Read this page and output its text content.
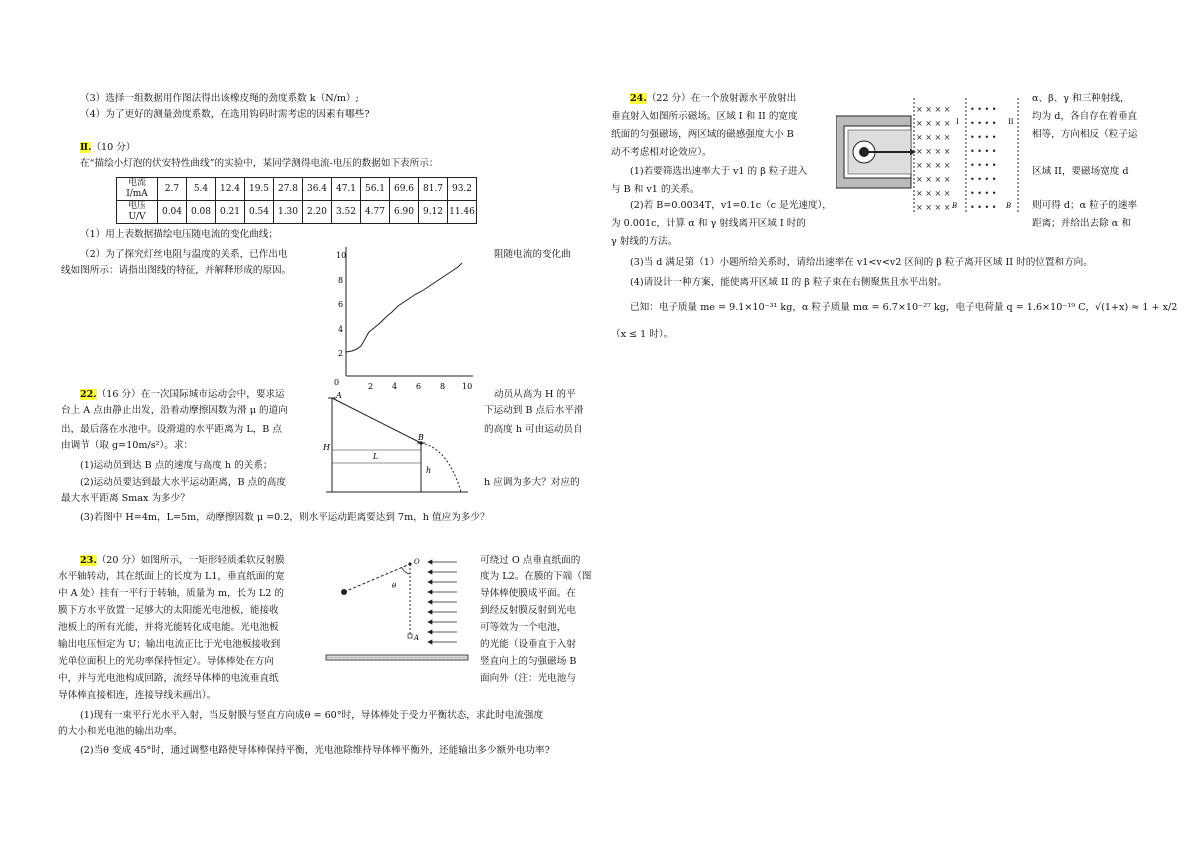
（3）选择一组数据用作图法得出该橡皮绳的劲度系数 k（N/m）;
（4）为了更好的测量劲度系数，在选用钩码时需考虑的因素有哪些?
Ⅱ.（10 分）
在“描绘小灯泡的伏安特性曲线”的实验中，某同学测得电流-电压的数据如下表所示：
电流
I/mA	2.7	5.4	12.4	19.5	27.8	36.4	47.1	56.1	69.6	81.7	93.2
电压
U/V	0.04	0.08	0.21	0.54	1.30	2.20	3.52	4.77	6.90	9.12	11.46
（1）用上表数据描绘电压随电流的变化曲线；
（2）为了探究灯丝电阻与温度的关系，已作出电
线如图所示：请指出图线的特征，并解释形成的原因。
阻随电流的变化曲
10
8
6
4
2
0	2 4 6 8 10
22.（16 分）在一次国际城市运动会中，要求运	动员从高为 H 的平
台上 A 点由静止出发，沿着动摩擦因数为滑 μ 的道向	下运动到 B 点后水平滑
出，最后落在水池中。设滑道的水平距离为 L，B 点	的高度 h 可由运动员自
由调节（取 g=10m/s²）。求：
(1)运动员到达 B 点的速度与高度 h 的关系；
(2)运动员要达到最大水平运动距离，B 点的高度	h 应调为多大？对应的
最大水平距离 Smax 为多少？
(3)若图中 H=4m，L=5m，动摩擦因数 μ =0.2，则水平运动距离要达到 7m，h 值应为多少？
A
B
H
L
h
23.（20 分）如图所示，一矩形轻质柔软反射膜	可绕过 O 点垂直纸面的
水平轴转动，其在纸面上的长度为 L1，垂直纸面的宽	度为 L2。在膜的下端（图
中 A 处）挂有一平行于转轴，质量为 m，长为 L2 的	导体棒使膜成平面。在
膜下方水平放置一足够大的太阳能光电池板，能接收	到经反射膜反射到光电
池板上的所有光能，并将光能转化成电能。光电池板	可等效为一个电池，
输出电压恒定为 U；输出电流正比于光电池板接收到	的光能（设垂直于入射
光单位面积上的光功率保持恒定）。导体棒处在方向	竖直向上的匀强磁场 B
中，并与光电池构成回路，流经导体棒的电流垂直纸	面向外（注：光电池与
导体棒直接相连，连接导线未画出）。
(1)现有一束平行光水平入射，当反射膜与竖直方向成θ = 60°时，导体棒处于受力平衡状态，求此时电流强度
的大小和光电池的输出功率。
(2)当θ 变成 45°时，通过调整电路使导体棒保持平衡，光电池除维持导体棒平衡外，还能输出多少额外电功率?
O
θ
A
24.（22 分）在一个放射源水平放射出	α、β、γ 和三种射线，
垂直射入如图所示磁场。区域 I 和 II 的宽度	均为 d，各自存在着垂直
纸面的匀强磁场，两区域的磁感强度大小 B	相等，方向相反（粒子运
动不考虑相对论效应）。
(1)若要筛选出速率大于 v1 的 β 粒子进入	区域 II，要磁场宽度 d
与 B 和 v1 的关系。
(2)若 B=0.0034T，v1=0.1c（c 是光速度），	则可得 d；α 粒子的速率
为 0.001c，计算 α 和 γ 射线离开区域 I 时的	距离；并给出去除 α 和
γ 射线的方法。
(3)当 d 满足第（1）小题所给关系时，请给出速率在 v1<v<v2 区间的 β 粒子离开区域 II 时的位置和方向。
(4)请设计一种方案，能使离开区域 II 的 β 粒子束在右侧聚焦且水平出射。
已知：电子质量 me = 9.1×10⁻³¹ kg，α 粒子质量 mα = 6.7×10⁻²⁷ kg，电子电荷量 q = 1.6×10⁻¹⁹ C，√(1+x) ≈ 1 + x/2
（x ≤ 1 时）。
× × × × • • • •
× × × × • • • •
× × × × • • • •
× × × × • • • •
× × × × • • • •
× × × × • • • •
× × × × • • • •
× × × × • • • •
I	II
B	B
